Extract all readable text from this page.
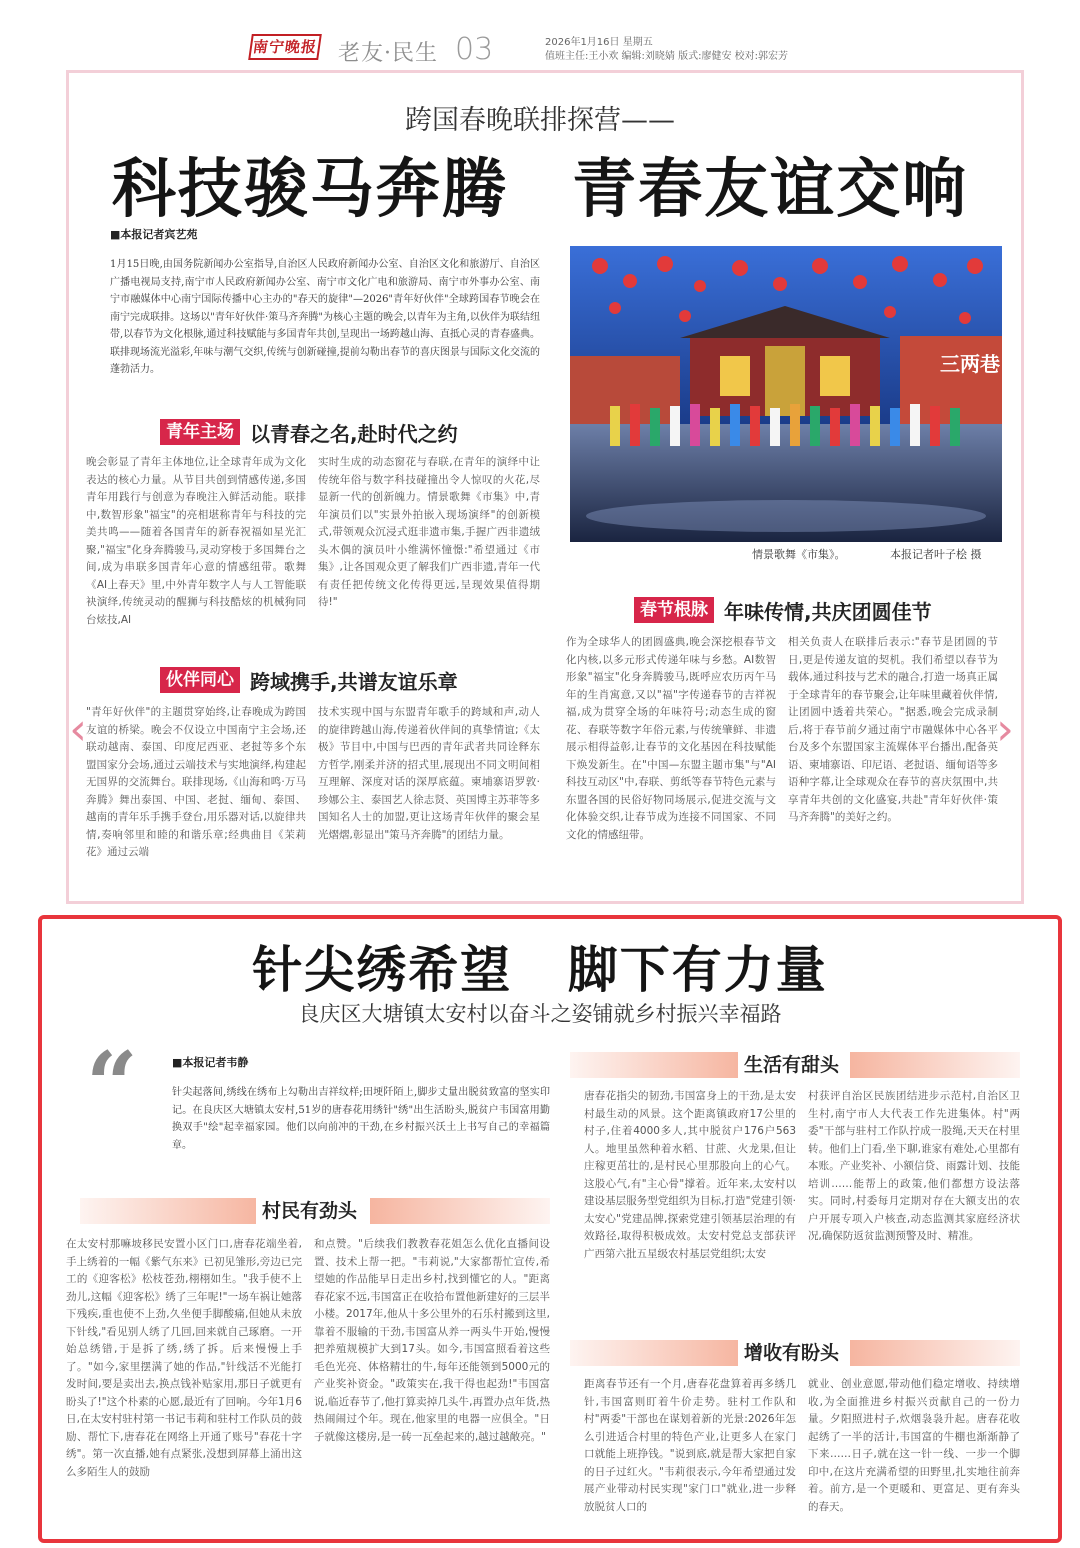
南宁晚报 老友·民生 03	2026年1月16日 星期五
值班主任:王小欢 编辑:刘晓婧 版式:廖健安 校对:郭宏芳
跨国春晚联排探营——
科技骏马奔腾 青春友谊交响
■本报记者宾艺苑
1月15日晚,由国务院新闻办公室指导,自治区人民政府新闻办公室、自治区文化和旅游厅、自治区广播电视局支持,南宁市人民政府新闻办公室、南宁市文化广电和旅游局、南宁市外事办公室、南宁市融媒体中心南宁国际传播中心主办的"春天的旋律"—2026"青年好伙伴"全球跨国春节晚会在南宁完成联排。这场以"青年好伙伴·策马齐奔腾"为核心主题的晚会,以青年为主角,以伙伴为联结纽带,以春节为文化根脉,通过科技赋能与多国青年共创,呈现出一场跨越山海、直抵心灵的青春盛典。联排现场流光溢彩,年味与潮气交织,传统与创新碰撞,提前勾勒出春节的喜庆图景与国际文化交流的蓬勃活力。	三两巷
情景歌舞《市集》。	本报记者叶子桧 摄
青年主场 以青春之名,赴时代之约
晚会彰显了青年主体地位,让全球青年成为文化表达的核心力量。从节目共创到情感传递,多国青年用践行与创意为春晚注入鲜活动能。联排中,数智形象"福宝"的亮相堪称青年与科技的完美共鸣——随着各国青年的新春祝福如星光汇聚,"福宝"化身奔腾骏马,灵动穿梭于多国舞台之间,成为串联多国青年心意的情感纽带。歌舞《AI上春天》里,中外青年数字人与人工智能联袂演绎,传统灵动的醒狮与科技酷炫的机械狗同台炫技,AI
实时生成的动态窗花与春联,在青年的演绎中让传统年俗与数字科技碰撞出令人惊叹的火花,尽显新一代的创新魄力。情景歌舞《市集》中,青年演员们以"实景外拍嵌入现场演绎"的创新模式,带领观众沉浸式逛非遗市集,手握广西非遗绒头木偶的演员叶小维满怀憧憬:"希望通过《市集》,让各国观众更了解我们广西非遗,青年一代有责任把传统文化传得更远,呈现效果值得期待!"
伙伴同心 跨域携手,共谱友谊乐章
"青年好伙伴"的主题贯穿始终,让春晚成为跨国友谊的桥梁。晚会不仅设立中国南宁主会场,还联动越南、泰国、印度尼西亚、老挝等多个东盟国家分会场,通过云端技术与实地演绎,构建起无国界的交流舞台。联排现场,《山海和鸣·万马奔腾》舞出泰国、中国、老挝、缅甸、泰国、越南的青年乐手携手登台,用乐器对话,以旋律共情,奏响邻里和睦的和谐乐章;经典曲目《茉莉花》通过云端
技术实现中国与东盟青年歌手的跨域和声,动人的旋律跨越山海,传递着伙伴间的真挚情谊;《太极》节目中,中国与巴西的青年武者共同诠释东方哲学,刚柔并济的招式里,展现出不同文明间相互理解、深度对话的深厚底蕴。柬埔寨语罗敦·珍娜公主、泰国艺人徐志贤、英国博主苏菲等多国知名人士的加盟,更让这场青年伙伴的聚会星光熠熠,彰显出"策马齐奔腾"的团结力量。
春节根脉 年味传情,共庆团圆佳节
作为全球华人的团圆盛典,晚会深挖根春节文化内核,以多元形式传递年味与乡愁。AI数智形象"福宝"化身奔腾骏马,既呼应农历丙午马年的生肖寓意,又以"福"字传递春节的吉祥祝福,成为贯穿全场的年味符号;动态生成的窗花、春联等数字年俗元素,与传统肇鲜、非遗展示相得益彰,让春节的文化基因在科技赋能下焕发新生。在"中国—东盟主题市集"与"AI科技互动区"中,春联、剪纸等春节特色元素与东盟各国的民俗好物同场展示,促进交流与文化体验交织,让春节成为连接不同国家、不同文化的情感纽带。
相关负责人在联排后表示:"春节是团圆的节日,更是传递友谊的契机。我们希望以春节为载体,通过科技与艺术的融合,打造一场真正属于全球青年的春节聚会,让年味里藏着伙伴情,让团圆中透着共荣心。"据悉,晚会完成录制后,将于春节前夕通过南宁市融媒体中心各平台及多个东盟国家主流媒体平台播出,配备英语、柬埔寨语、印尼语、老挝语、缅甸语等多语种字幕,让全球观众在春节的喜庆氛围中,共享青年共创的文化盛宴,共赴"青年好伙伴·策马齐奔腾"的美好之约。
‹	›
针尖绣希望 脚下有力量
良庆区大塘镇太安村以奋斗之姿铺就乡村振兴幸福路
“	■本报记者韦静
针尖起落间,绣线在绣布上勾勒出吉祥纹样;田埂阡陌上,脚步丈量出脱贫致富的坚实印记。在良庆区大塘镇太安村,51岁的唐春花用绣针"绣"出生活盼头,脱贫户韦国富用勤换双手"绘"起幸福家园。他们以向前冲的干劲,在乡村振兴沃土上书写自己的幸福篇章。
村民有劲头
在太安村那嘛坡移民安置小区门口,唐春花端坐着,手上绣着的一幅《紫气东来》已初见雏形,旁边已完工的《迎客松》松枝苍劲,栩栩如生。"我手使不上劲儿,这幅《迎客松》绣了三年呢!"一场车祸让她落下残疾,重也使不上劲,久坐便手脚酸痛,但她从未放下针线,"看见别人绣了几回,回来就自己琢磨。一开始总绣错,于是拆了绣,绣了拆。后来慢慢上手了。"如今,家里摆满了她的作品,"针线活不光能打发时间,要是卖出去,换点钱补贴家用,那日子就更有盼头了!"这个朴素的心愿,最近有了回响。今年1月6日,在太安村驻村第一书记韦莉和驻村工作队员的鼓励、帮忙下,唐春花在网络上开通了账号"春花十字绣"。第一次直播,她有点紧张,没想到屏幕上涌出这么多陌生人的鼓励
和点赞。"后续我们教教春花姐怎么优化直播间设置、技术上帮一把。"韦莉说,"大家都帮忙宣传,希望她的作品能早日走出乡村,找到懂它的人。"距离春花家不远,韦国富正在收拾布置他新建好的三层半小楼。2017年,他从十多公里外的石乐村搬到这里,靠着不服输的干劲,韦国富从养一两头牛开始,慢慢把养殖规模扩大到17头。如今,韦国富照看着这些毛色光亮、体格精壮的牛,每年还能领到5000元的产业奖补资金。"政策实在,我干得也起劲!"韦国富说,临近春节了,他打算卖掉几头牛,再置办点年货,热热闹闹过个年。现在,他家里的电器一应俱全。"日子就像这楼房,是一砖一瓦垒起来的,越过越敞亮。"
生活有甜头
唐春花指尖的韧劲,韦国富身上的干劲,是太安村最生动的风景。这个距离镇政府17公里的村子,住着4000多人,其中脱贫户176户563人。地里虽然种着水稻、甘蔗、火龙果,但让庄稼更茁壮的,是村民心里那股向上的心气。这股心气,有"主心骨"撑着。近年来,太安村以建设基层服务型党组织为目标,打造"党建引领·太安心"党建品牌,探索党建引领基层治理的有效路径,取得积极成效。太安村党总支部获评广西第六批五星级农村基层党组织;太安
村获评自治区民族团结进步示范村,自治区卫生村,南宁市人大代表工作先进集体。村"两委"干部与驻村工作队拧成一股绳,天天在村里转。他们上门看,坐下聊,谁家有难处,心里都有本账。产业奖补、小额信贷、雨露计划、技能培训……能帮上的政策,他们都想方设法落实。同时,村委每月定期对存在大额支出的农户开展专项入户核查,动态监测其家庭经济状况,确保防返贫监测预警及时、精准。
增收有盼头
距离春节还有一个月,唐春花盘算着再多绣几针,韦国富则盯着牛价走势。驻村工作队和村"两委"干部也在谋划着新的光景:2026年怎么引进适合村里的特色产业,让更多人在家门口就能上班挣钱。"说到底,就是帮大家把自家的日子过红火。"韦莉很表示,今年希望通过发展产业带动村民实现"家门口"就业,进一步释放脱贫人口的
就业、创业意愿,带动他们稳定增收、持续增收,为全面推进乡村振兴贡献自己的一份力量。夕阳照进村子,炊烟袅袅升起。唐春花收起绣了一半的活计,韦国富的牛棚也渐渐静了下来……日子,就在这一针一线、一步一个脚印中,在这片充满希望的田野里,扎实地往前奔着。前方,是一个更暖和、更富足、更有奔头的春天。
